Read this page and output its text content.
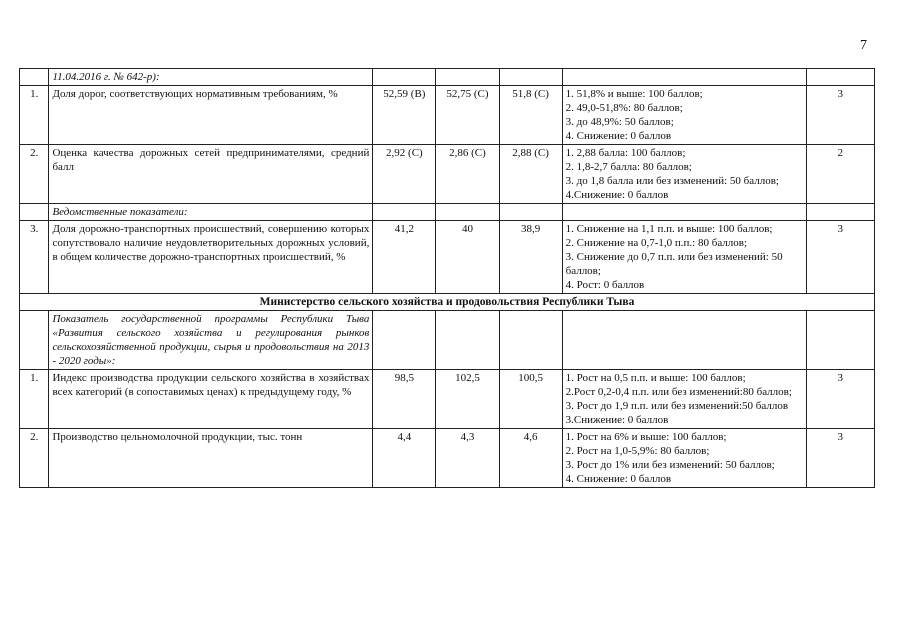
7
	11.04.2016 г. № 642-р):					
1.	Доля дорог, соответствующих нормативным требованиям, %	52,59 (В)	52,75 (С)	51,8 (С)	1. 51,8% и выше: 100 баллов;
2. 49,0-51,8%: 80 баллов;
3. до 48,9%: 50 баллов;
4. Снижение: 0 баллов	3
2.	Оценка качества дорожных сетей предпринимателями, средний балл	2,92 (С)	2,86 (С)	2,88 (С)	1. 2,88 балла: 100 баллов;
2. 1,8-2,7 балла: 80 баллов;
3. до 1,8 балла или без изменений: 50 баллов;
4.Снижение: 0 баллов	2
	Ведомственные показатели:					
3.	Доля дорожно-транспортных происшествий, совершению которых сопутствовало наличие неудовлетворительных дорожных условий, в общем количестве дорожно-транспортных происшествий, %	41,2	40	38,9	1. Снижение на 1,1 п.п. и выше: 100 баллов;
2. Снижение на 0,7-1,0 п.п.: 80 баллов;
3. Снижение до 0,7 п.п. или без изменений: 50 баллов;
4. Рост: 0 баллов	3
Министерство сельского хозяйства и продовольствия Республики Тыва						
	Показатель государственной программы Республики Тыва «Развития сельского хозяйства и регулирования рынков сельскохозяйственной продукции, сырья и продовольствия на 2013 - 2020 годы»:					
1.	Индекс производства продукции сельского хозяйства в хозяйствах всех категорий (в сопоставимых ценах) к предыдущему году, %	98,5	102,5	100,5	1. Рост на 0,5 п.п. и выше: 100 баллов;
2.Рост 0,2-0,4 п.п. или без изменений:80 баллов;
3. Рост до 1,9 п.п. или без изменений:50 баллов
3.Снижение: 0 баллов	3
2.	Производство цельномолочной продукции, тыс. тонн	4,4	4,3	4,6	1. Рост на 6% и выше: 100 баллов;
2. Рост на 1,0-5,9%: 80 баллов;
3. Рост до 1% или без изменений: 50 баллов;
4. Снижение: 0 баллов	3
